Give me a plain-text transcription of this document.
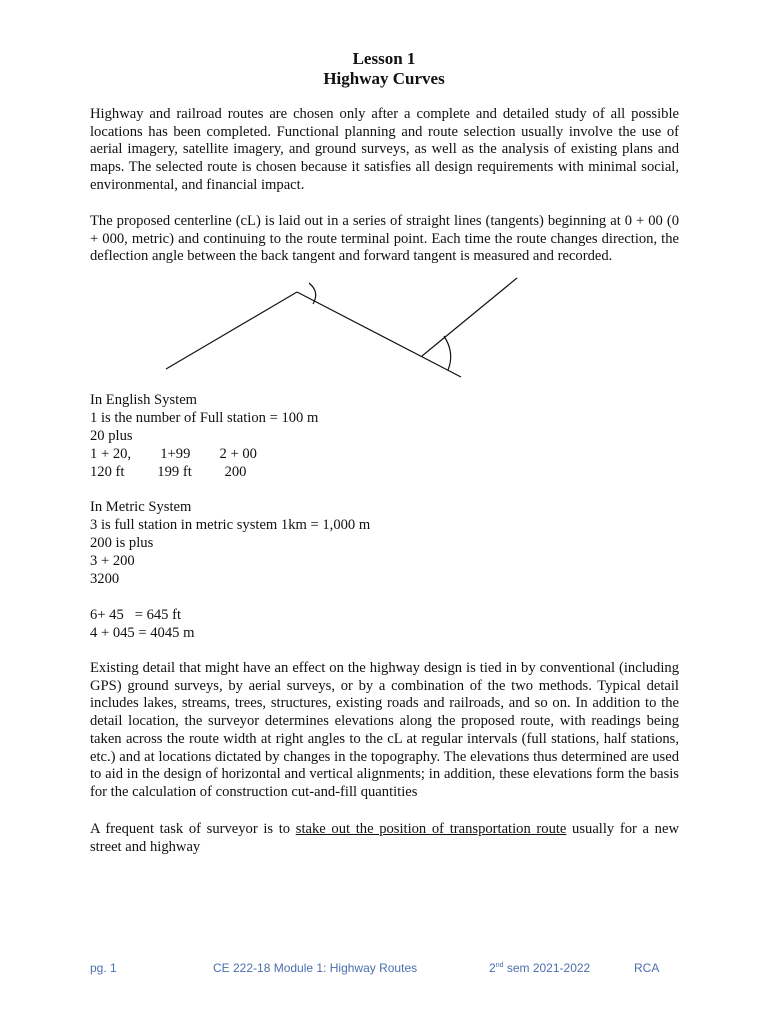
Lesson 1
Highway Curves

Highway and railroad routes are chosen only after a complete and detailed study of all possible locations has been completed. Functional planning and route selection usually involve the use of aerial imagery, satellite imagery, and ground surveys, as well as the analysis of existing plans and maps. The selected route is chosen because it satisfies all design requirements with minimal social, environmental, and financial impact.

The proposed centerline (cL) is laid out in a series of straight lines (tangents) beginning at 0 + 00 (0 + 000, metric) and continuing to the route terminal point. Each time the route changes direction, the deflection angle between the back tangent and forward tangent is measured and recorded.

In English System
1 is the number of Full station = 100 m
20 plus
1 + 20,        1+99        2 + 00
120 ft         199 ft         200
In Metric System
3 is full station in metric system 1km = 1,000 m
200 is plus
3 + 200
3200
6+ 45   = 645 ft
4 + 045 = 4045 m

Existing detail that might have an effect on the highway design is tied in by conventional (including GPS) ground surveys, by aerial surveys, or by a combination of the two methods. Typical detail includes lakes, streams, trees, structures, existing roads and railroads, and so on. In addition to the detail location, the surveyor determines elevations along the proposed route, with readings being taken across the route width at right angles to the cL at regular intervals (full stations, half stations, etc.) and at locations dictated by changes in the topography. The elevations thus determined are used to aid in the design of horizontal and vertical alignments; in addition, these elevations form the basis for the calculation of construction cut-and-fill quantities

A frequent task of surveyor is to stake out the position of transportation route usually for a new street and highway

pg. 1	CE 222-18 Module 1: Highway Routes	2nd sem 2021-2022	RCA
